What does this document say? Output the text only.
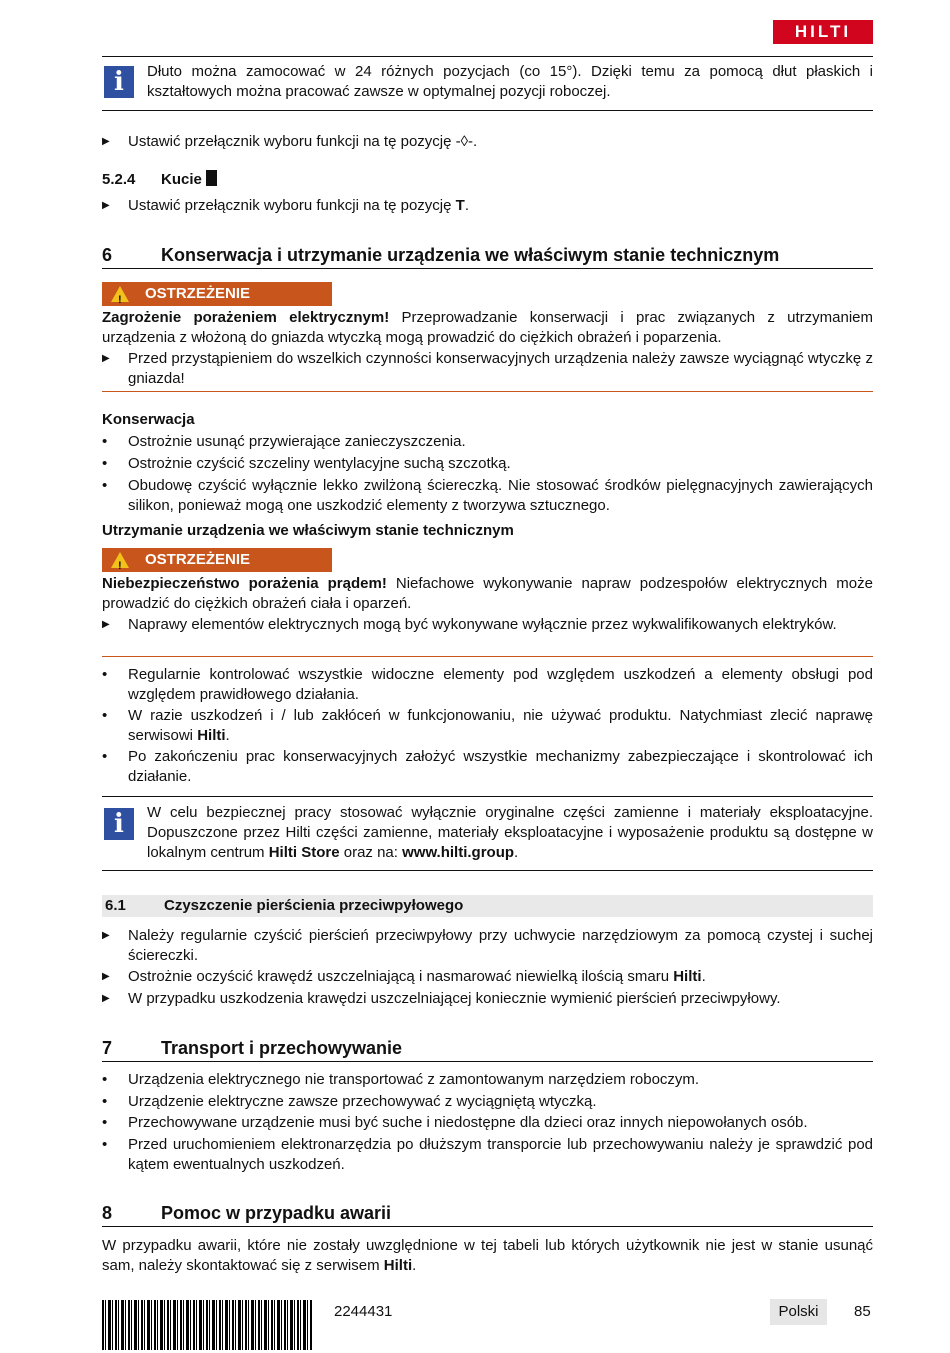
HILTI
i	Dłuto można zamocować w 24 różnych pozycjach (co 15°). Dzięki temu za pomocą dłut płaskich i kształtowych można pracować zawsze w optymalnej pozycji roboczej.
▶	Ustawić przełącznik wyboru funkcji na tę pozycję -◊-.
5.2.4 Kucie
▶	Ustawić przełącznik wyboru funkcji na tę pozycję T.
6	Konserwacja i utrzymanie urządzenia we właściwym stanie technicznym
!
OSTRZEŻENIE
Zagrożenie porażeniem elektrycznym! Przeprowadzanie konserwacji i prac związanych z utrzymaniem urządzenia z włożoną do gniazda wtyczką mogą prowadzić do ciężkich obrażeń i poparzenia.
▶	Przed przystąpieniem do wszelkich czynności konserwacyjnych urządzenia należy zawsze wyciągnąć wtyczkę z gniazda!
Konserwacja
•	Ostrożnie usunąć przywierające zanieczyszczenia.
•	Ostrożnie czyścić szczeliny wentylacyjne suchą szczotką.
•	Obudowę czyścić wyłącznie lekko zwilżoną ściereczką. Nie stosować środków pielęgnacyjnych zawierających silikon, ponieważ mogą one uszkodzić elementy z tworzywa sztucznego.
Utrzymanie urządzenia we właściwym stanie technicznym
!
OSTRZEŻENIE
Niebezpieczeństwo porażenia prądem! Niefachowe wykonywanie napraw podzespołów elektrycznych może prowadzić do ciężkich obrażeń ciała i oparzeń.
▶	Naprawy elementów elektrycznych mogą być wykonywane wyłącznie przez wykwalifikowanych elektryków.
•	Regularnie kontrolować wszystkie widoczne elementy pod względem uszkodzeń a elementy obsługi pod względem prawidłowego działania.
•	W razie uszkodzeń i / lub zakłóceń w funkcjonowaniu, nie używać produktu. Natychmiast zlecić naprawę serwisowi Hilti.
•	Po zakończeniu prac konserwacyjnych założyć wszystkie mechanizmy zabezpieczające i skontrolować ich działanie.
i	W celu bezpiecznej pracy stosować wyłącznie oryginalne części zamienne i materiały eksploatacyjne. Dopuszczone przez Hilti części zamienne, materiały eksploatacyjne i wyposażenie produktu są dostępne w lokalnym centrum Hilti Store oraz na: www.hilti.group.
6.1	Czyszczenie pierścienia przeciwpyłowego
▶	Należy regularnie czyścić pierścień przeciwpyłowy przy uchwycie narzędziowym za pomocą czystej i suchej ściereczki.
▶	Ostrożnie oczyścić krawędź uszczelniającą i nasmarować niewielką ilością smaru Hilti.
▶	W przypadku uszkodzenia krawędzi uszczelniającej koniecznie wymienić pierścień przeciwpyłowy.
7	Transport i przechowywanie
•	Urządzenia elektrycznego nie transportować z zamontowanym narzędziem roboczym.
•	Urządzenie elektryczne zawsze przechowywać z wyciągniętą wtyczką.
•	Przechowywane urządzenie musi być suche i niedostępne dla dzieci oraz innych niepowołanych osób.
•	Przed uruchomieniem elektronarzędzia po dłuższym transporcie lub przechowywaniu należy je sprawdzić pod kątem ewentualnych uszkodzeń.
8	Pomoc w przypadku awarii
W przypadku awarii, które nie zostały uwzględnione w tej tabeli lub których użytkownik nie jest w stanie usunąć sam, należy skontaktować się z serwisem Hilti.
2244431	Polski	85
